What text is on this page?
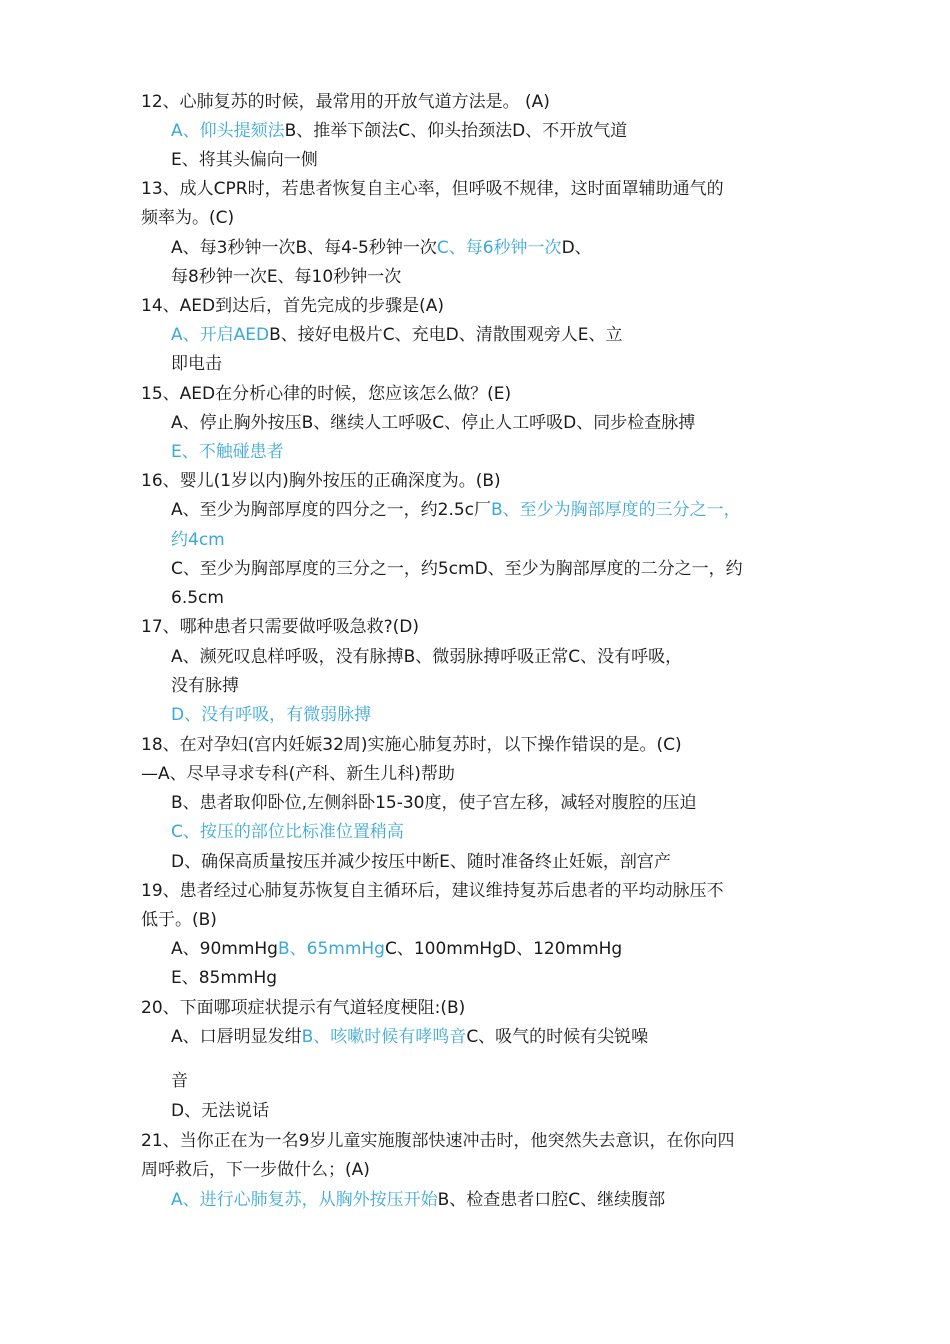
12、心肺复苏的时候，最常用的开放气道方法是。 (A)
A、仰头提颏法B、推举下颌法C、仰头抬颈法D、不开放气道
E、将其头偏向一侧
13、成人CPR时，若患者恢复自主心率，但呼吸不规律，这时面罩辅助通气的
频率为。(C)
A、每3秒钟一次B、每4-5秒钟一次C、每6秒钟一次D、
每8秒钟一次E、每10秒钟一次
14、AED到达后，首先完成的步骤是(A)
A、开启AEDB、接好电极片C、充电D、清散围观旁人E、立
即电击
15、AED在分析心律的时候，您应该怎么做？(E)
A、停止胸外按压B、继续人工呼吸C、停止人工呼吸D、同步检查脉搏
E、不触碰患者
16、婴儿(1岁以内)胸外按压的正确深度为。(B)
A、至少为胸部厚度的四分之一，约2.5c厂B、至少为胸部厚度的三分之一，
约4cm
C、至少为胸部厚度的三分之一，约5cmD、至少为胸部厚度的二分之一，约
6.5cm
17、哪种患者只需要做呼吸急救?(D)
A、濒死叹息样呼吸，没有脉搏B、微弱脉搏呼吸正常C、没有呼吸，
没有脉搏
D、没有呼吸，有微弱脉搏
18、在对孕妇(宫内妊娠32周)实施心肺复苏时，以下操作错误的是。(C)
—A、尽早寻求专科(产科、新生儿科)帮助
B、患者取仰卧位,左侧斜卧15-30度，使子宫左移，减轻对腹腔的压迫
C、按压的部位比标准位置稍高
D、确保高质量按压并减少按压中断E、随时准备终止妊娠，剖宫产
19、患者经过心肺复苏恢复自主循环后，建议维持复苏后患者的平均动脉压不
低于。(B)
A、90mmHgB、65mmHgC、100mmHgD、120mmHg
E、85mmHg
20、下面哪项症状提示有气道轻度梗阻:(B)
A、口唇明显发绀B、咳嗽时候有哮鸣音C、吸气的时候有尖锐噪
音
D、无法说话
21、当你正在为一名9岁儿童实施腹部快速冲击时，他突然失去意识，在你向四
周呼救后，下一步做什么；(A)
A、进行心肺复苏，从胸外按压开始B、检查患者口腔C、继续腹部
